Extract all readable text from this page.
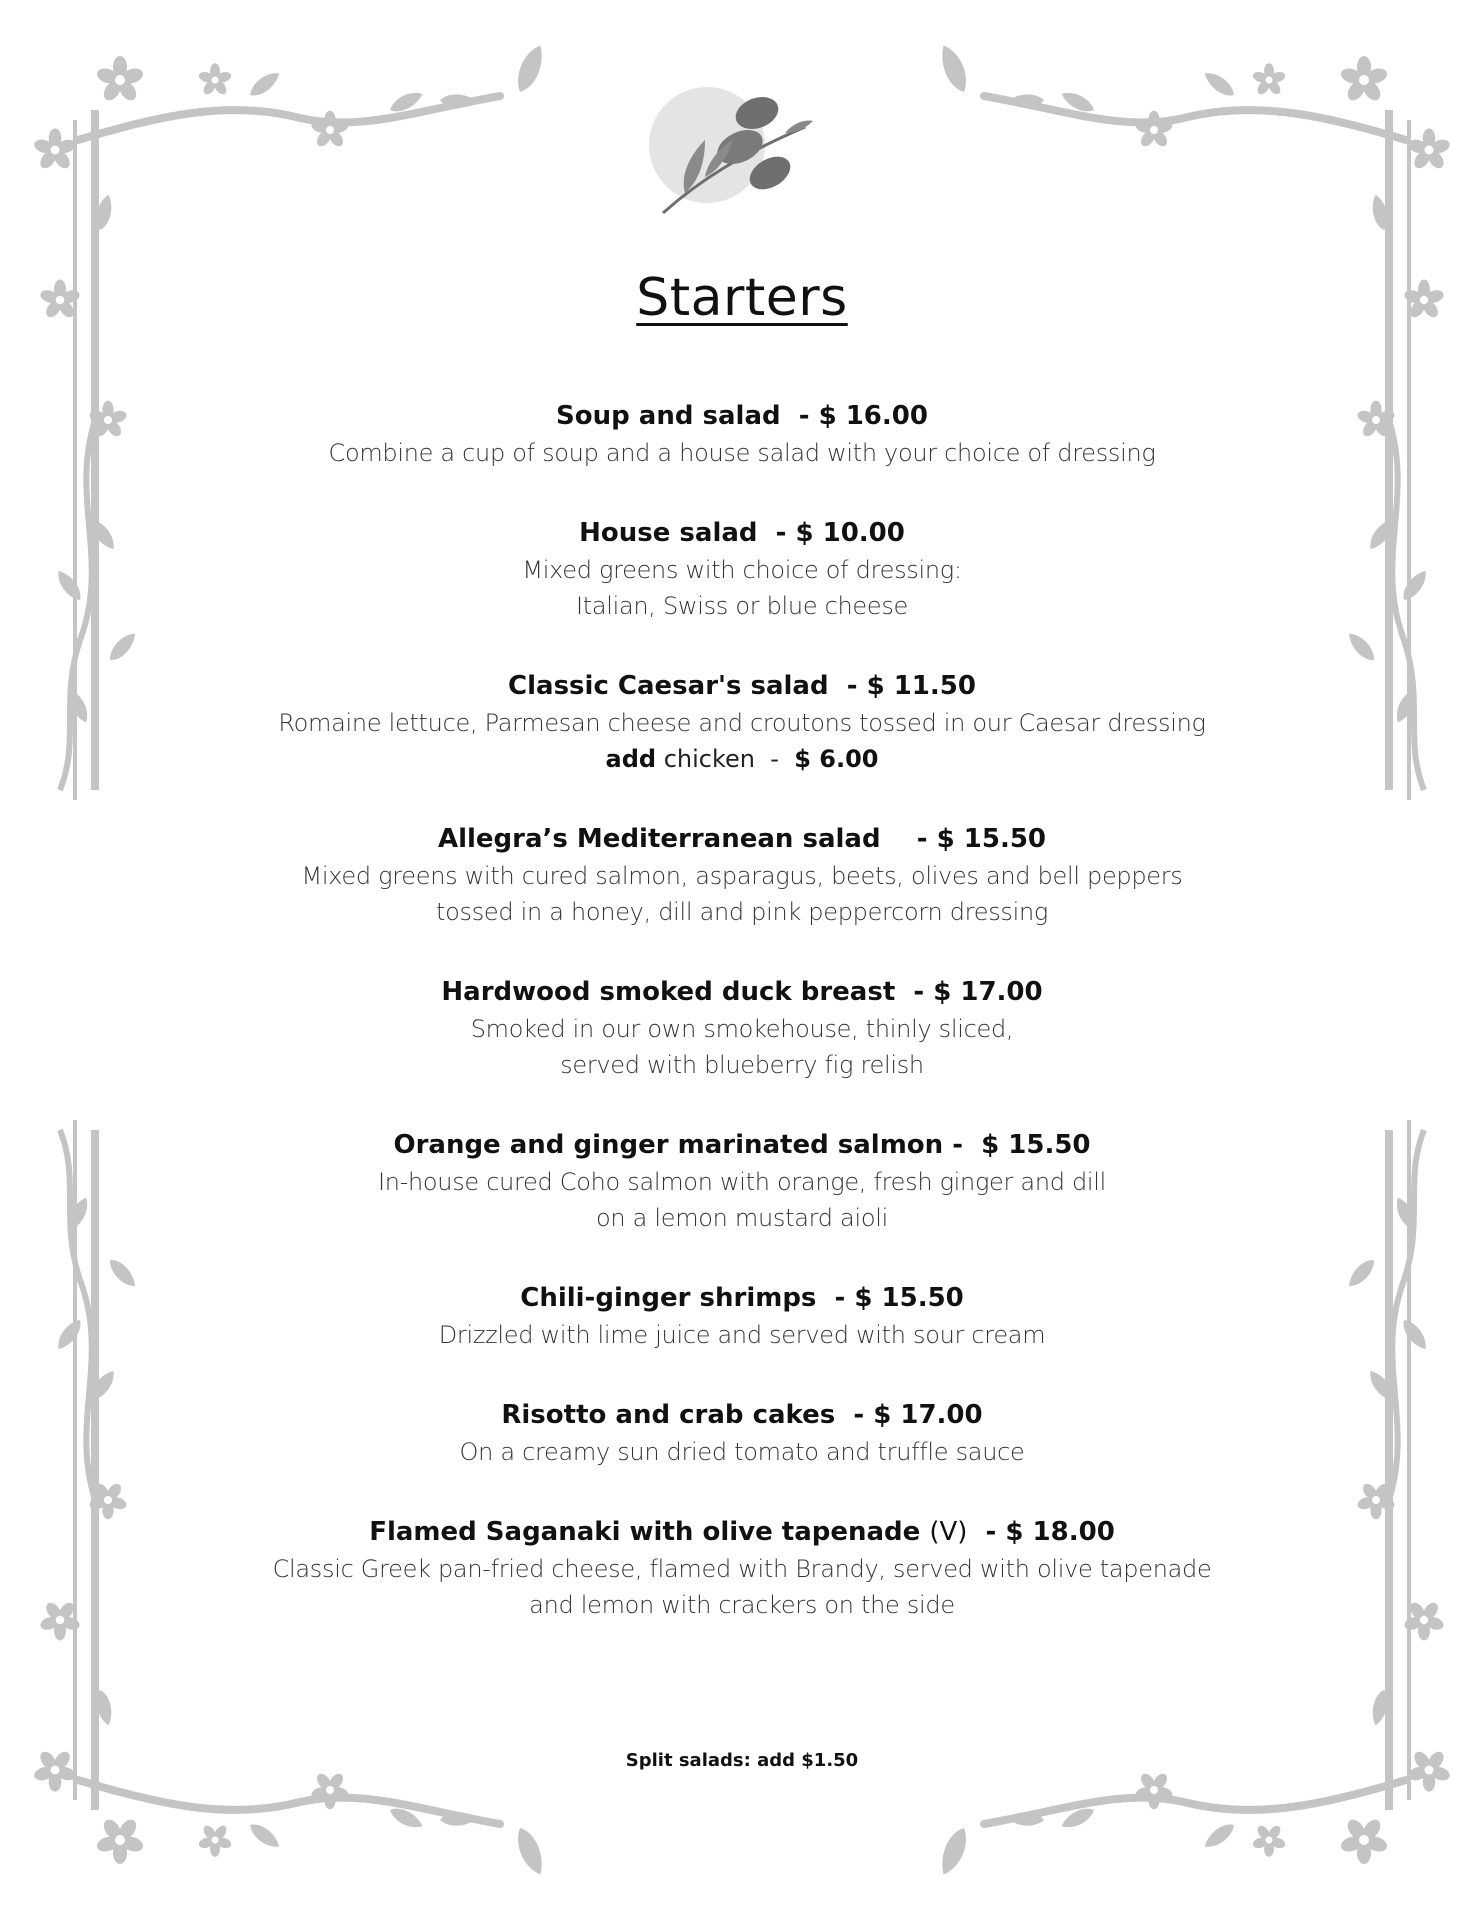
Starters
Soup and salad - $ 16.00
Combine a cup of soup and a house salad with your choice of dressing
House salad - $ 10.00
Mixed greens with choice of dressing:
Italian, Swiss or blue cheese
Classic Caesar's salad - $ 11.50
Romaine lettuce, Parmesan cheese and croutons tossed in our Caesar dressing
add chicken - $ 6.00
Allegra’s Mediterranean salad - $ 15.50
Mixed greens with cured salmon, asparagus, beets, olives and bell peppers
tossed in a honey, dill and pink peppercorn dressing
Hardwood smoked duck breast - $ 17.00
Smoked in our own smokehouse, thinly sliced,
served with blueberry fig relish
Orange and ginger marinated salmon - $ 15.50
In-house cured Coho salmon with orange, fresh ginger and dill
on a lemon mustard aioli
Chili-ginger shrimps - $ 15.50
Drizzled with lime juice and served with sour cream
Risotto and crab cakes - $ 17.00
On a creamy sun dried tomato and truffle sauce
Flamed Saganaki with olive tapenade (V) - $ 18.00
Classic Greek pan-fried cheese, flamed with Brandy, served with olive tapenade
and lemon with crackers on the side
Split salads: add $1.50
